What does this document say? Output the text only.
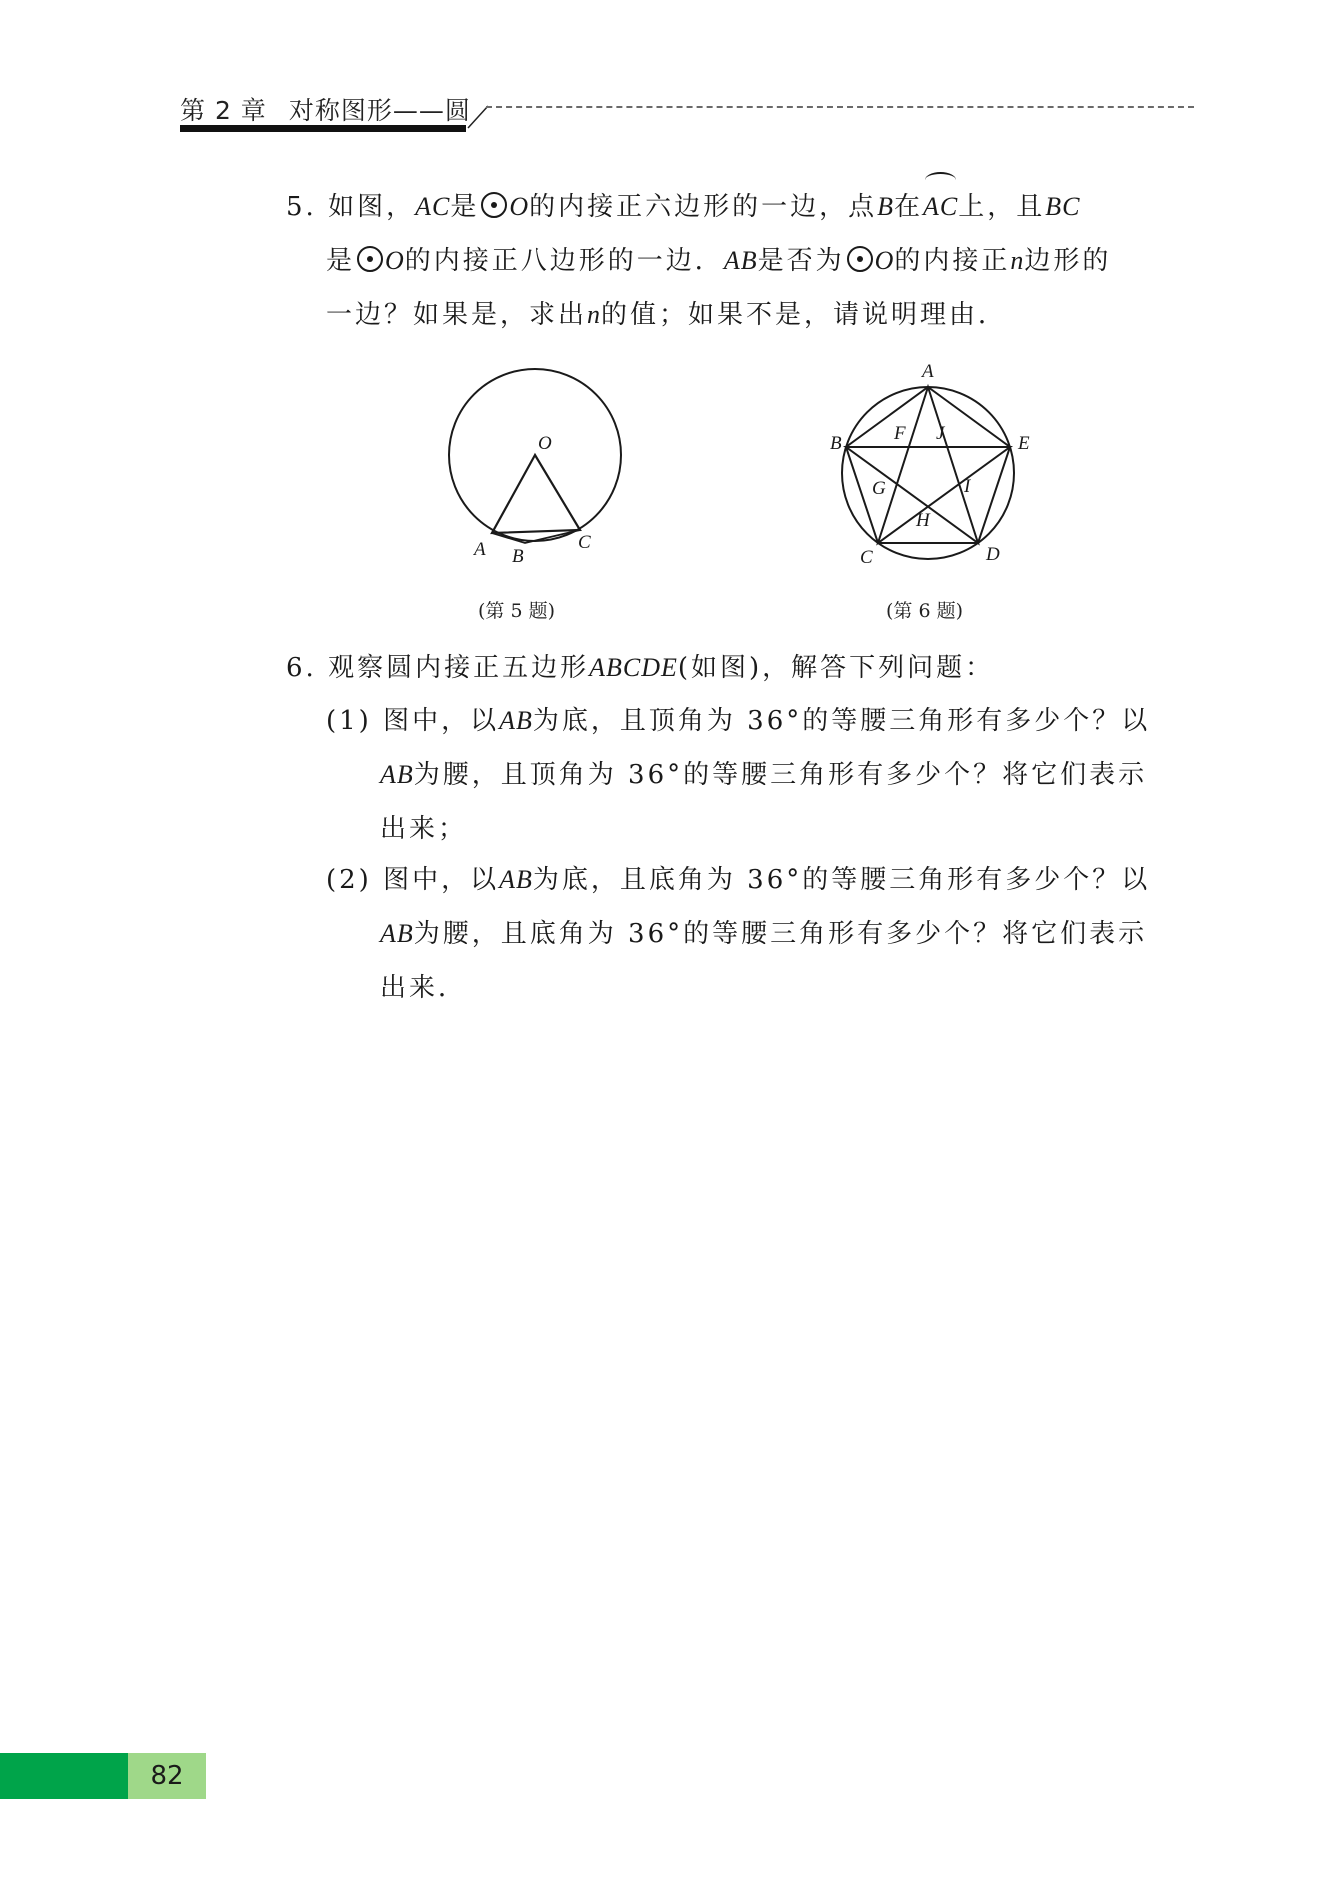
第 2 章 对称图形——圆
5. 如图，AC是 O的内接正六边形的一边，点B在AC上，且BC
是 O的内接正八边形的一边．AB是否为 O的内接正n边形的
一边？如果是，求出n的值；如果不是，请说明理由．
O
A B
C
(第 5 题)
A
B	E
C	D
F J
G	I
H
(第 6 题)
6. 观察圆内接正五边形ABCDE(如图)，解答下列问题：
(1) 图中，以AB为底，且顶角为 36°的等腰三角形有多少个？以
AB为腰，且顶角为 36°的等腰三角形有多少个？将它们表示
出来；
(2) 图中，以AB为底，且底角为 36°的等腰三角形有多少个？以
AB为腰，且底角为 36°的等腰三角形有多少个？将它们表示
出来．
82
